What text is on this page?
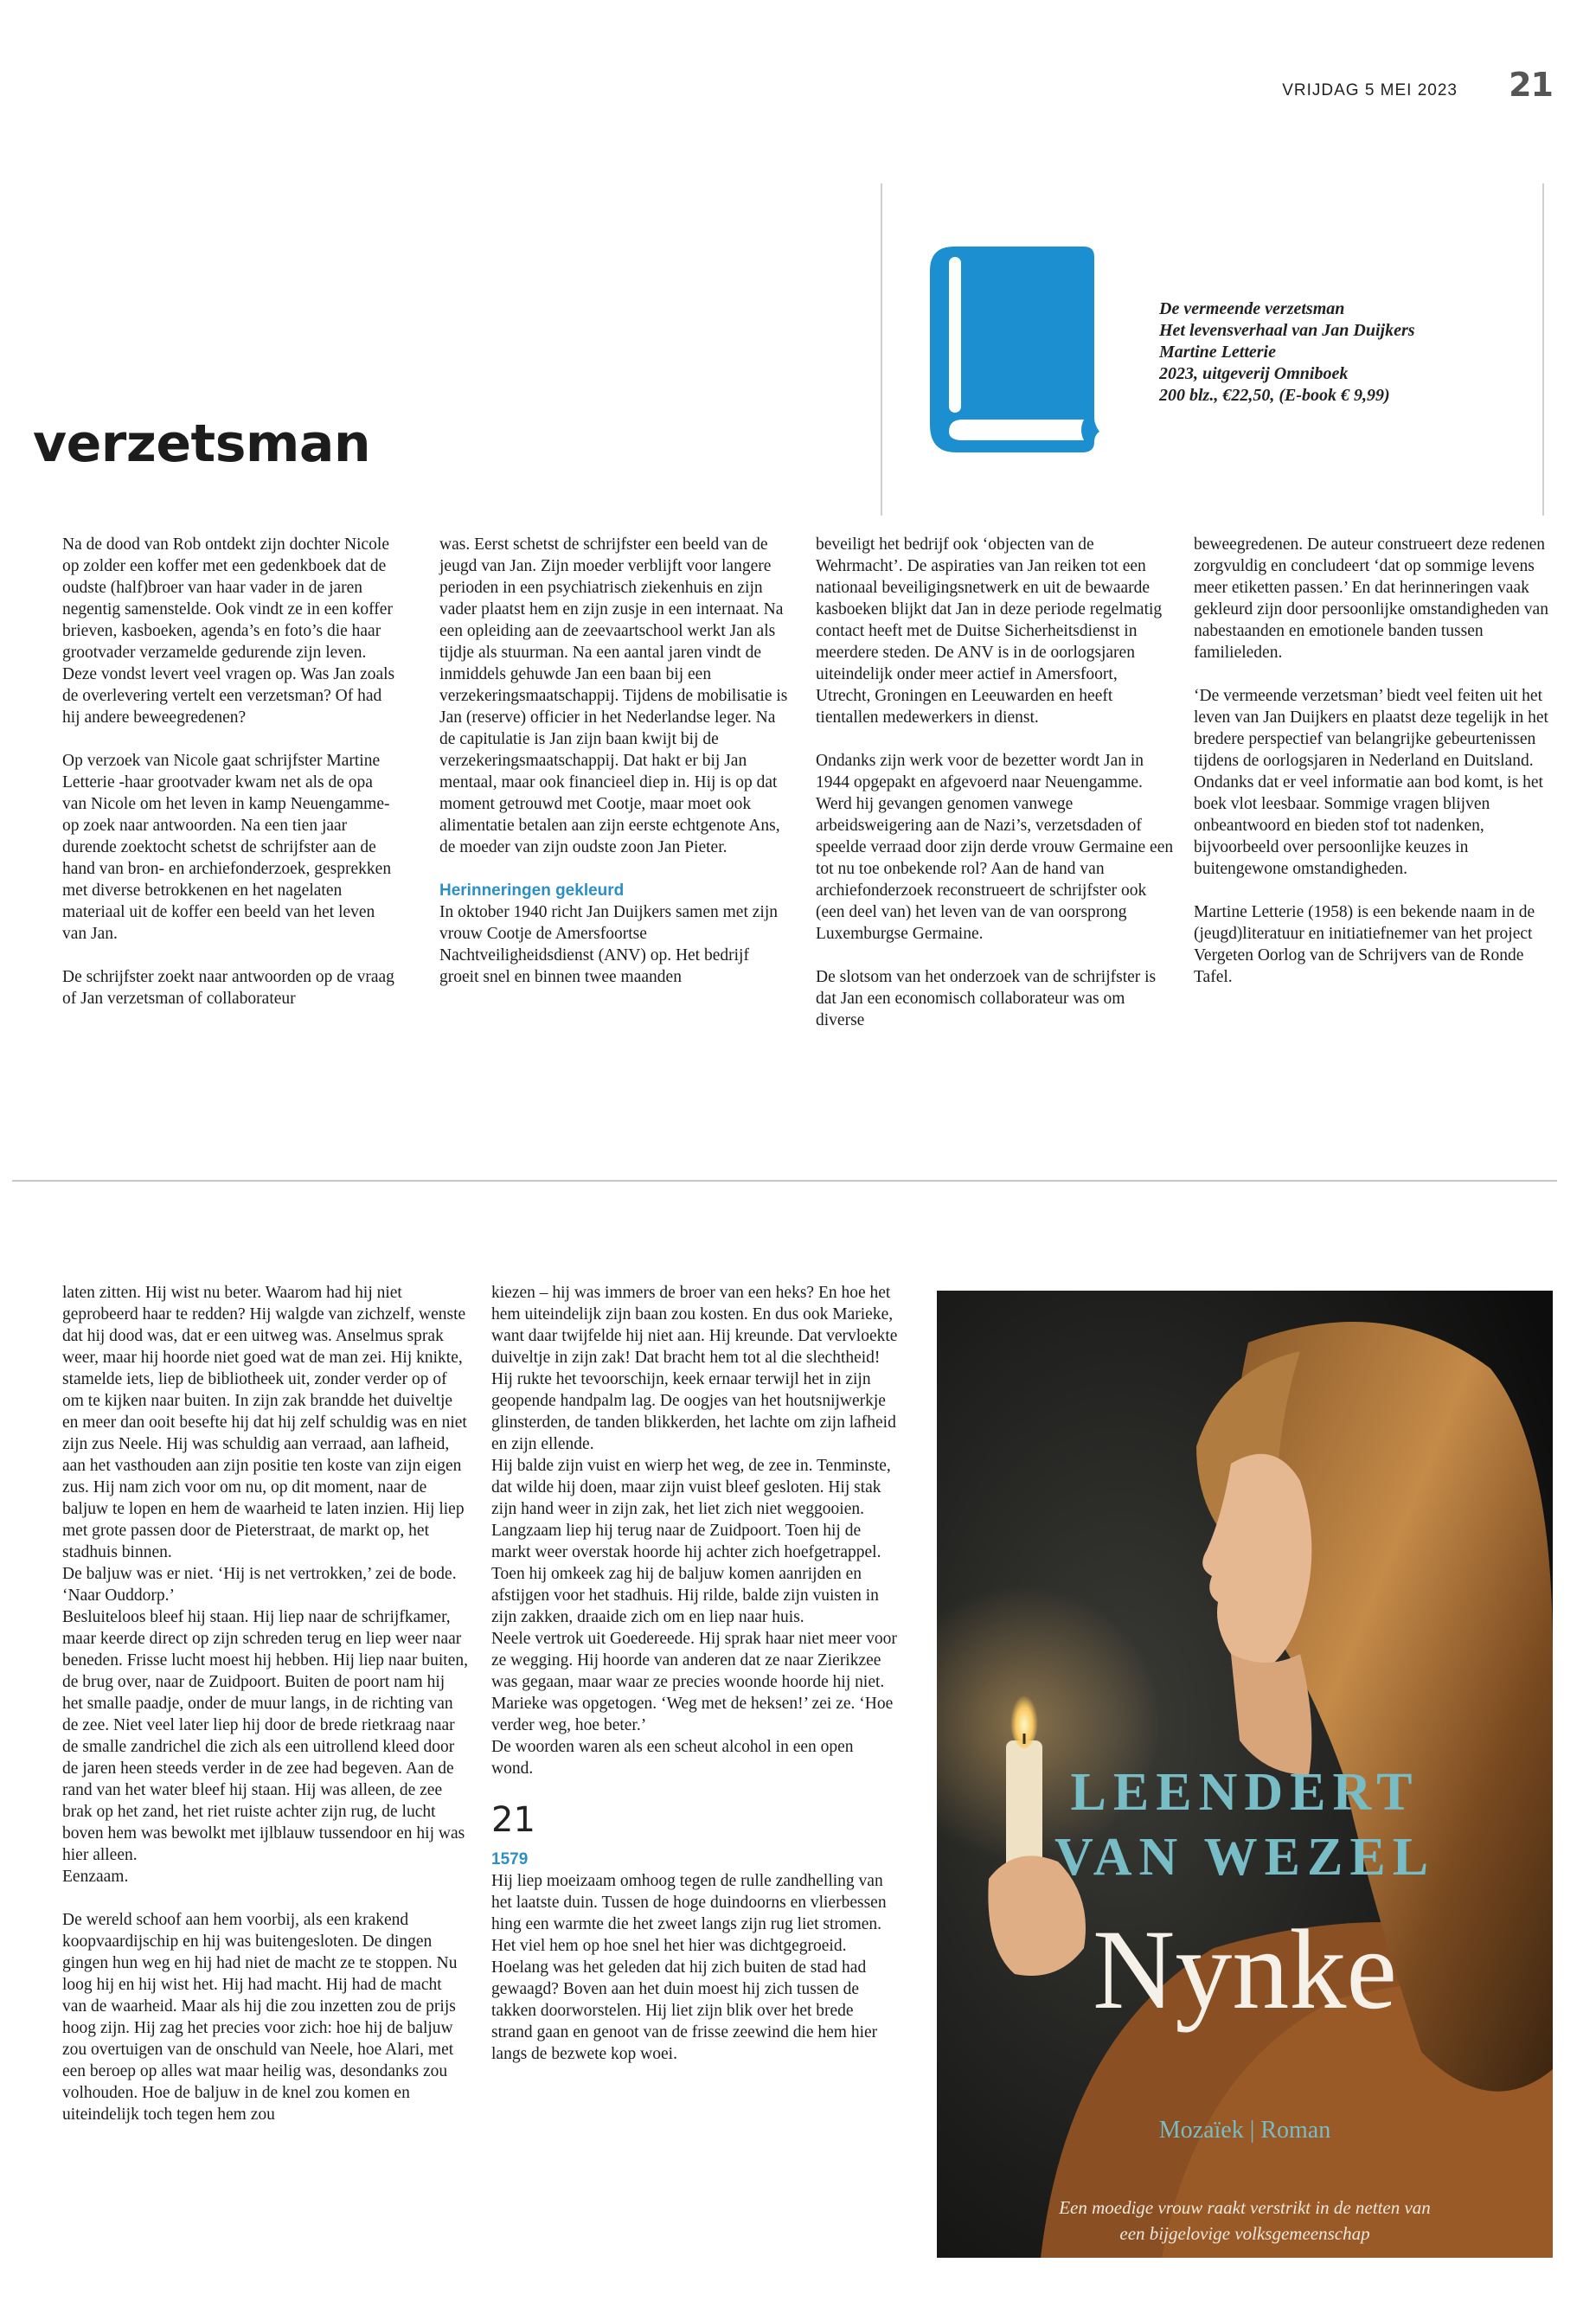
VRIJDAG 5 MEI 2023 21
verzetsman
De vermeende verzetsman
Het levensverhaal van Jan Duijkers
Martine Letterie
2023, uitgeverij Omniboek
200 blz., €22,50, (E-book € 9,99)

Na de dood van Rob ontdekt zijn dochter Nicole op zolder een koffer met een gedenkboek dat de oudste (half)broer van haar vader in de jaren negentig samenstelde. Ook vindt ze in een koffer brieven, kasboeken, agenda’s en foto’s die haar grootvader verzamelde gedurende zijn leven. Deze vondst levert veel vragen op. Was Jan zoals de overlevering vertelt een verzetsman? Of had hij andere beweegredenen?

Op verzoek van Nicole gaat schrijfster Martine Letterie -haar grootvader kwam net als de opa van Nicole om het leven in kamp Neuengamme- op zoek naar antwoorden. Na een tien jaar durende zoektocht schetst de schrijfster aan de hand van bron- en archiefonderzoek, gesprekken met diverse betrokkenen en het nagelaten materiaal uit de koffer een beeld van het leven van Jan.

De schrijfster zoekt naar antwoorden op de vraag of Jan verzetsman of collaborateur

was. Eerst schetst de schrijfster een beeld van de jeugd van Jan. Zijn moeder verblijft voor langere perioden in een psychiatrisch ziekenhuis en zijn vader plaatst hem en zijn zusje in een internaat. Na een opleiding aan de zeevaartschool werkt Jan als tijdje als stuurman. Na een aantal jaren vindt de inmiddels gehuwde Jan een baan bij een verzekeringsmaatschappij. Tijdens de mobilisatie is Jan (reserve) officier in het Nederlandse leger. Na de capitulatie is Jan zijn baan kwijt bij de verzekeringsmaatschappij. Dat hakt er bij Jan mentaal, maar ook financieel diep in. Hij is op dat moment getrouwd met Cootje, maar moet ook alimentatie betalen aan zijn eerste echtgenote Ans, de moeder van zijn oudste zoon Jan Pieter.

Herinneringen gekleurd

In oktober 1940 richt Jan Duijkers samen met zijn vrouw Cootje de Amersfoortse Nachtveiligheidsdienst (ANV) op. Het bedrijf groeit snel en binnen twee maanden

beveiligt het bedrijf ook ‘objecten van de Wehrmacht’. De aspiraties van Jan reiken tot een nationaal beveiligingsnetwerk en uit de bewaarde kasboeken blijkt dat Jan in deze periode regelmatig contact heeft met de Duitse Sicherheitsdienst in meerdere steden. De ANV is in de oorlogsjaren uiteindelijk onder meer actief in Amersfoort, Utrecht, Groningen en Leeuwarden en heeft tientallen medewerkers in dienst.

Ondanks zijn werk voor de bezetter wordt Jan in 1944 opgepakt en afgevoerd naar Neuengamme. Werd hij gevangen genomen vanwege arbeidsweigering aan de Nazi’s, verzetsdaden of speelde verraad door zijn derde vrouw Germaine een tot nu toe onbekende rol? Aan de hand van archiefonderzoek reconstrueert de schrijfster ook (een deel van) het leven van de van oorsprong Luxemburgse Germaine.

De slotsom van het onderzoek van de schrijfster is dat Jan een economisch collaborateur was om diverse

beweegredenen. De auteur construeert deze redenen zorgvuldig en concludeert ‘dat op sommige levens meer etiketten passen.’ En dat herinneringen vaak gekleurd zijn door persoonlijke omstandigheden van nabestaanden en emotionele banden tussen familieleden.

‘De vermeende verzetsman’ biedt veel feiten uit het leven van Jan Duijkers en plaatst deze tegelijk in het bredere perspectief van belangrijke gebeurtenissen tijdens de oorlogsjaren in Nederland en Duitsland. Ondanks dat er veel informatie aan bod komt, is het boek vlot leesbaar. Sommige vragen blijven onbeantwoord en bieden stof tot nadenken, bijvoorbeeld over persoonlijke keuzes in buitengewone omstandigheden.

Martine Letterie (1958) is een bekende naam in de (jeugd)literatuur en initiatiefnemer van het project Vergeten Oorlog van de Schrijvers van de Ronde Tafel.

laten zitten. Hij wist nu beter. Waarom had hij niet geprobeerd haar te redden? Hij walgde van zichzelf, wenste dat hij dood was, dat er een uitweg was. Anselmus sprak weer, maar hij hoorde niet goed wat de man zei. Hij knikte, stamelde iets, liep de bibliotheek uit, zonder verder op of om te kijken naar buiten. In zijn zak brandde het duiveltje en meer dan ooit besefte hij dat hij zelf schuldig was en niet zijn zus Neele. Hij was schuldig aan verraad, aan lafheid, aan het vasthouden aan zijn positie ten koste van zijn eigen zus. Hij nam zich voor om nu, op dit moment, naar de baljuw te lopen en hem de waarheid te laten inzien. Hij liep met grote passen door de Pieterstraat, de markt op, het stadhuis binnen.
De baljuw was er niet. ‘Hij is net vertrokken,’ zei de bode. ‘Naar Ouddorp.’
Besluiteloos bleef hij staan. Hij liep naar de schrijfkamer, maar keerde direct op zijn schreden terug en liep weer naar beneden. Frisse lucht moest hij hebben. Hij liep naar buiten, de brug over, naar de Zuidpoort. Buiten de poort nam hij het smalle paadje, onder de muur langs, in de richting van de zee. Niet veel later liep hij door de brede rietkraag naar de smalle zandrichel die zich als een uitrollend kleed door de jaren heen steeds verder in de zee had begeven. Aan de rand van het water bleef hij staan. Hij was alleen, de zee brak op het zand, het riet ruiste achter zijn rug, de lucht boven hem was bewolkt met ijlblauw tussendoor en hij was hier alleen.
Eenzaam.
De wereld schoof aan hem voorbij, als een krakend koopvaardijschip en hij was buitengesloten. De dingen gingen hun weg en hij had niet de macht ze te stoppen. Nu loog hij en hij wist het. Hij had macht. Hij had de macht van de waarheid. Maar als hij die zou inzetten zou de prijs hoog zijn. Hij zag het precies voor zich: hoe hij de baljuw zou overtuigen van de onschuld van Neele, hoe Alari, met een beroep op alles wat maar heilig was, desondanks zou volhouden. Hoe de baljuw in de knel zou komen en uiteindelijk toch tegen hem zou
kiezen – hij was immers de broer van een heks? En hoe het hem uiteindelijk zijn baan zou kosten. En dus ook Marieke, want daar twijfelde hij niet aan. Hij kreunde. Dat vervloekte duiveltje in zijn zak! Dat bracht hem tot al die slechtheid! Hij rukte het tevoorschijn, keek ernaar terwijl het in zijn geopende handpalm lag. De oogjes van het houtsnijwerkje glinsterden, de tanden blikkerden, het lachte om zijn lafheid en zijn ellende.
Hij balde zijn vuist en wierp het weg, de zee in. Tenminste, dat wilde hij doen, maar zijn vuist bleef gesloten. Hij stak zijn hand weer in zijn zak, het liet zich niet weggooien.
Langzaam liep hij terug naar de Zuidpoort. Toen hij de markt weer overstak hoorde hij achter zich hoefgetrappel. Toen hij omkeek zag hij de baljuw komen aanrijden en afstijgen voor het stadhuis. Hij rilde, balde zijn vuisten in zijn zakken, draaide zich om en liep naar huis.
Neele vertrok uit Goedereede. Hij sprak haar niet meer voor ze wegging. Hij hoorde van anderen dat ze naar Zierikzee was gegaan, maar waar ze precies woonde hoorde hij niet.
Marieke was opgetogen. ‘Weg met de heksen!’ zei ze. ‘Hoe verder weg, hoe beter.’
De woorden waren als een scheut alcohol in een open wond.
21
1579
Hij liep moeizaam omhoog tegen de rulle zandhelling van het laatste duin. Tussen de hoge duindoorns en vlierbessen hing een warmte die het zweet langs zijn rug liet stromen. Het viel hem op hoe snel het hier was dichtgegroeid. Hoelang was het geleden dat hij zich buiten de stad had gewaagd? Boven aan het duin moest hij zich tussen de takken doorworstelen. Hij liet zijn blik over het brede strand gaan en genoot van de frisse zeewind die hem hier langs de bezwete kop woei.
LEENDERT
VAN WEZEL
Nynke
Mozaïek | Roman
Een moedige vrouw raakt verstrikt in de netten van
een bijgelovige volksgemeenschap
